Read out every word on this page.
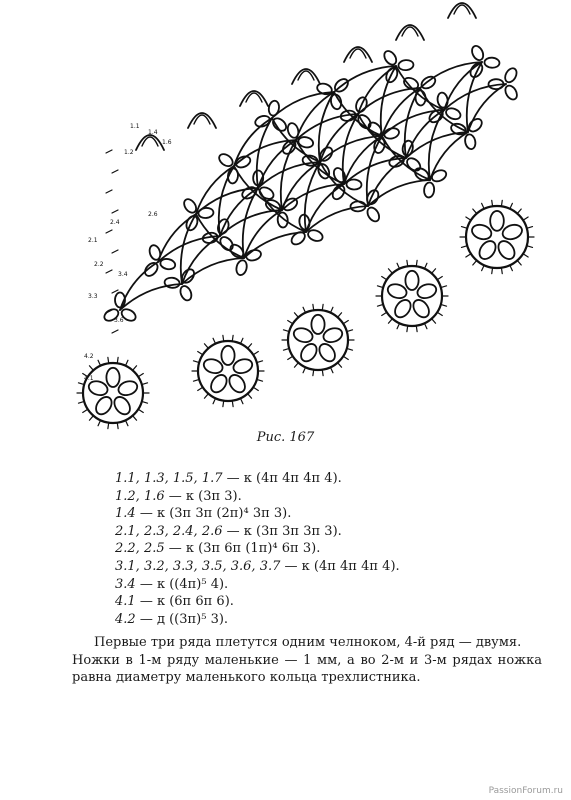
1.1
1.2
1.4
1.6
2.1
2.2
2.4
2.6
3.3
3.4
3.6
4.1
4.2
Рис. 167
1.1, 1.3, 1.5, 1.7 — к (4п 4п 4п 4).
1.2, 1.6 — к (3п 3).
1.4 — к (3п 3п (2п)⁴ 3п 3).
2.1, 2.3, 2.4, 2.6 — к (3п 3п 3п 3).
2.2, 2.5 — к (3п 6п (1п)⁴ 6п 3).
3.1, 3.2, 3.3, 3.5, 3.6, 3.7 — к (4п 4п 4п 4).
3.4 — к ((4п)⁵ 4).
4.1 — к (6п 6п 6).
4.2 — д ((3п)⁵ 3).

Первые три ряда плетутся одним челноком, 4-й ряд — двумя.
Ножки в 1-м ряду маленькие — 1 мм, а во 2-м и 3-м рядах ножка равна диаметру маленького кольца трехлистника.

PassionForum.ru
